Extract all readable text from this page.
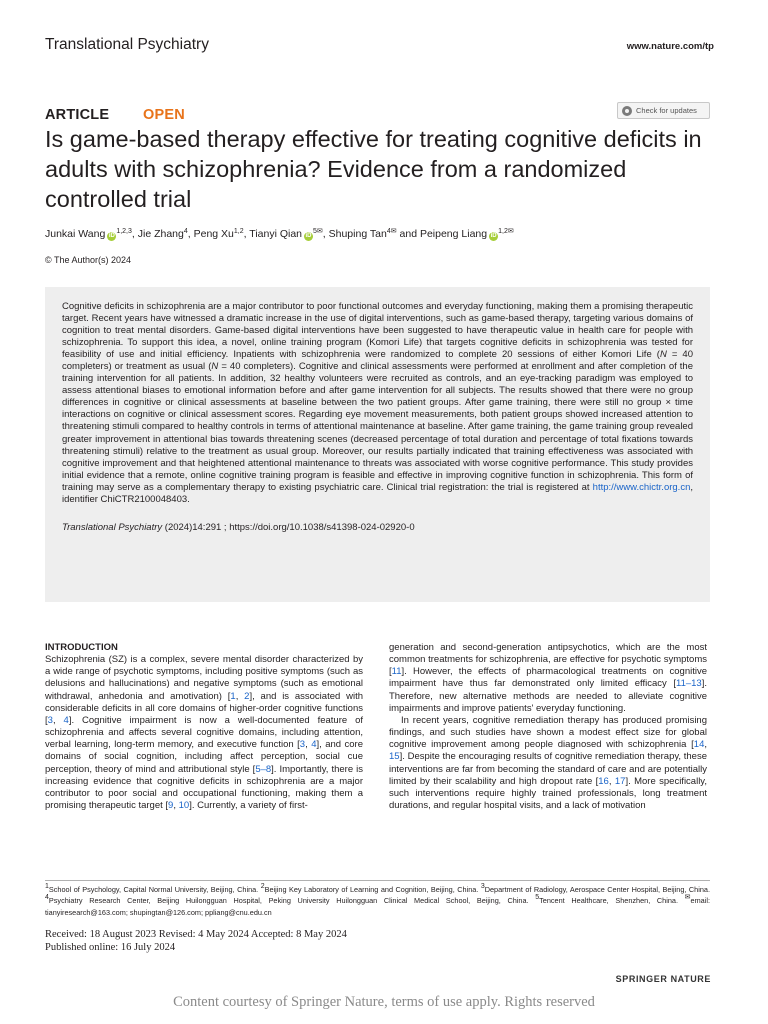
Translational Psychiatry	www.nature.com/tp
ARTICLE OPEN	Check for updates
Is game-based therapy effective for treating cognitive deficits in adults with schizophrenia? Evidence from a randomized controlled trial
Junkai Wang iD$^{1,2,3}$, Jie Zhang$^4$, Peng Xu$^{1,2}$, Tianyi Qian $iD^{5✉}$, Shuping Tan$^{4✉}$ and Peipeng Liang $iD^{1,2✉}$
© The Author(s) 2024
Cognitive deficits in schizophrenia are a major contributor to poor functional outcomes and everyday functioning, making them a promising therapeutic target. Recent years have witnessed a dramatic increase in the use of digital interventions, such as game-based therapy, targeting various domains of cognition to treat mental disorders. Game-based digital interventions have been suggested to have therapeutic value in health care for people with schizophrenia. To support this idea, a novel, online training program (Komori Life) that targets cognitive deficits in schizophrenia was tested for feasibility of use and initial efficiency. Inpatients with schizophrenia were randomized to complete 20 sessions of either Komori Life (N = 40 completers) or treatment as usual (N = 40 completers). Cognitive and clinical assessments were performed at enrollment and after completion of the training intervention for all patients. In addition, 32 healthy volunteers were recruited as controls, and an eye-tracking paradigm was employed to assess attentional biases to emotional information before and after game intervention for all subjects. The results showed that there were no group differences in cognitive or clinical assessments at baseline between the two patient groups. After game training, there were still no group × time interactions on cognitive or clinical assessment scores. Regarding eye movement measurements, both patient groups showed increased attention to threatening stimuli compared to healthy controls in terms of attentional maintenance at baseline. After game training, the game training group revealed greater improvement in attentional bias towards threatening scenes (decreased percentage of total duration and percentage of total fixations towards threatening stimuli) relative to the treatment as usual group. Moreover, our results partially indicated that training effectiveness was associated with cognitive improvement and that heightened attentional maintenance to threats was associated with worse cognitive performance. This study provides initial evidence that a remote, online cognitive training program is feasible and effective in improving cognitive function in schizophrenia. This form of training may serve as a complementary therapy to existing psychiatric care. Clinical trial registration: the trial is registered at http://www.chictr.org.cn, identifier ChiCTR2100048403.
Translational Psychiatry (2024)14:291 ; https://doi.org/10.1038/s41398-024-02920-0
INTRODUCTION

Schizophrenia (SZ) is a complex, severe mental disorder characterized by a wide range of psychotic symptoms, including positive symptoms (such as delusions and hallucinations) and negative symptoms (such as emotional withdrawal, anhedonia and amotivation) [1, 2], and is associated with considerable deficits in all core domains of higher-order cognitive functions [3, 4]. Cognitive impairment is now a well-documented feature of schizophrenia and affects several cognitive domains, including attention, verbal learning, long-term memory, and executive function [3, 4], and core domains of social cognition, including affect perception, social cue perception, theory of mind and attributional style [5–8]. Importantly, there is increasing evidence that cognitive deficits in schizophrenia are a major contributor to poor social and occupational functioning, making them a promising therapeutic target [9, 10]. Currently, a variety of first-

generation and second-generation antipsychotics, which are the most common treatments for schizophrenia, are effective for psychotic symptoms [11]. However, the effects of pharmacological treatments on cognitive impairment have thus far demonstrated only limited efficacy [11–13]. Therefore, new alternative methods are needed to alleviate cognitive impairments and improve patients' everyday functioning.

In recent years, cognitive remediation therapy has produced promising findings, and such studies have shown a modest effect size for global cognitive improvement among people diagnosed with schizophrenia [14, 15]. Despite the encouraging results of cognitive remediation therapy, these interventions are far from becoming the standard of care and are potentially limited by their scalability and high dropout rate [16, 17]. More specifically, such interventions require highly trained professionals, long treatment durations, and regular hospital visits, and a lack of motivation

$^1$School of Psychology, Capital Normal University, Beijing, China. $^2$Beijing Key Laboratory of Learning and Cognition, Beijing, China. $^3$Department of Radiology, Aerospace Center Hospital, Beijing, China. $^4$Psychiatry Research Center, Beijing Huilongguan Hospital, Peking University Huilongguan Clinical Medical School, Beijing, China. $^5$Tencent Healthcare, Shenzhen, China. ✉email: tianyiresearch@163.com; shupingtan@126.com; ppliang@cnu.edu.cn
Received: 18 August 2023 Revised: 4 May 2024 Accepted: 8 May 2024
Published online: 16 July 2024
SPRINGER NATURE
Content courtesy of Springer Nature, terms of use apply. Rights reserved
